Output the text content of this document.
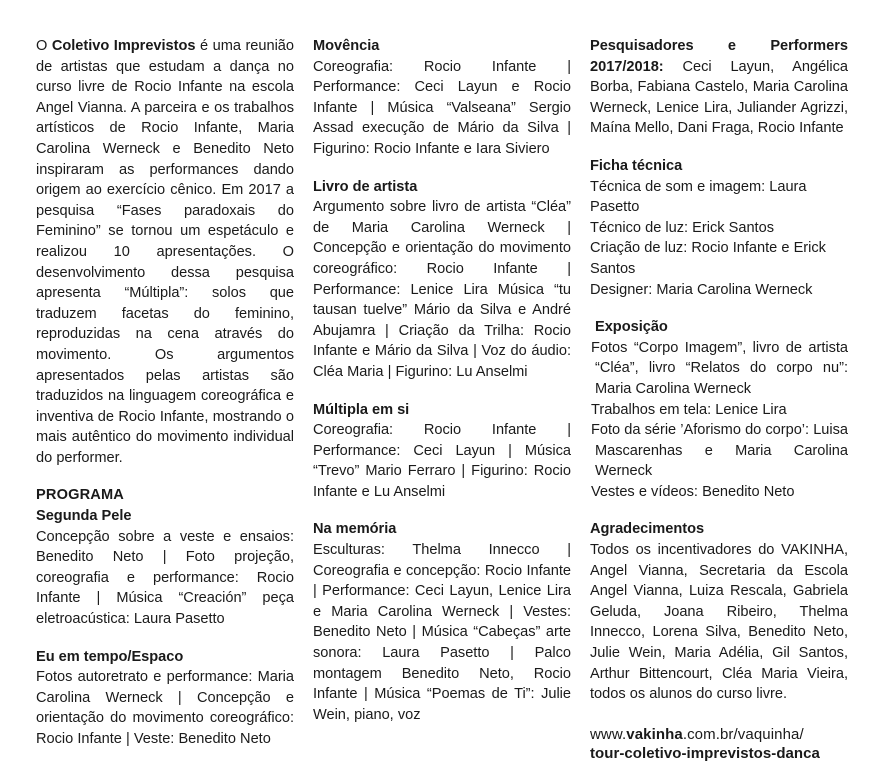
O Coletivo Imprevistos é uma reunião de artistas que estudam a dança no curso livre de Rocio Infante na escola Angel Vianna. A parceira e os trabalhos artísticos de Rocio Infante, Maria Carolina Werneck e Benedito Neto inspiraram as performances dando origem ao exercício cênico. Em 2017 a pesquisa “Fases paradoxais do Feminino” se tornou um espetáculo e realizou 10 apresentações. O desenvolvimento dessa pesquisa apresenta “Múltipla”: solos que traduzem facetas do feminino, reproduzidas na cena através do movimento. Os argumentos apresentados pelas artistas são traduzidos na linguagem coreográfica e inventiva de Rocio Infante, mostrando o mais autêntico do movimento individual do performer.

PROGRAMA
Segunda Pele

Concepção sobre a veste e ensaios: Benedito Neto | Foto projeção, coreografia e performance: Rocio Infante | Música “Creación” peça eletroacústica: Laura Pasetto

Eu em tempo/Espaco

Fotos autoretrato e performance: Maria Carolina Werneck | Concepção e orientação do movimento coreográfico: Rocio Infante | Veste: Benedito Neto

Movência

Coreografia: Rocio Infante | Performance: Ceci Layun e Rocio Infante | Música “Valseana” Sergio Assad execução de Mário da Silva | Figurino: Rocio Infante e Iara Siviero

Livro de artista

Argumento sobre livro de artista “Cléa” de Maria Carolina Werneck | Concepção e orientação do movimento coreográfico: Rocio Infante | Performance: Lenice Lira Música “tu tausan tuelve” Mário da Silva e André Abujamra | Criação da Trilha: Rocio Infante e Mário da Silva | Voz do áudio: Cléa Maria | Figurino: Lu Anselmi

Múltipla em si

Coreografia: Rocio Infante | Performance: Ceci Layun | Música “Trevo” Mario Ferraro | Figurino: Rocio Infante e Lu Anselmi

Na memória

Esculturas: Thelma Innecco | Coreografia e concepção: Rocio Infante | Performance: Ceci Layun, Lenice Lira e Maria Carolina Werneck | Vestes: Benedito Neto | Música “Cabeças” arte sonora: Laura Pasetto | Palco montagem Benedito Neto, Rocio Infante | Música “Poemas de Ti”: Julie Wein, piano, voz

Pesquisadores e Performers 2017/2018: Ceci Layun, Angélica Borba, Fabiana Castelo, Maria Carolina Werneck, Lenice Lira, Juliander Agrizzi, Maína Mello, Dani Fraga, Rocio Infante

Ficha técnica

Técnica de som e imagem: Laura Pasetto

Técnico de luz: Erick Santos

Criação de luz: Rocio Infante e Erick Santos

Designer: Maria Carolina Werneck

Exposição

Fotos “Corpo Imagem”, livro de artista “Cléa”, livro “Relatos do corpo nu”: Maria Carolina Werneck

Trabalhos em tela: Lenice Lira

Foto da série ’Aforismo do corpo’: Luisa Mascarenhas e Maria Carolina Werneck

Vestes e vídeos: Benedito Neto

Agradecimentos

Todos os incentivadores do VAKINHA, Angel Vianna, Secretaria da Escola Angel Vianna, Luiza Rescala, Gabriela Geluda, Joana Ribeiro, Thelma Innecco, Lorena Silva, Benedito Neto, Julie Wein, Maria Adélia, Gil Santos, Arthur Bittencourt, Cléa Maria Vieira, todos os alunos do curso livre.

www.vakinha.com.br/vaquinha/
tour-coletivo-imprevistos-danca
